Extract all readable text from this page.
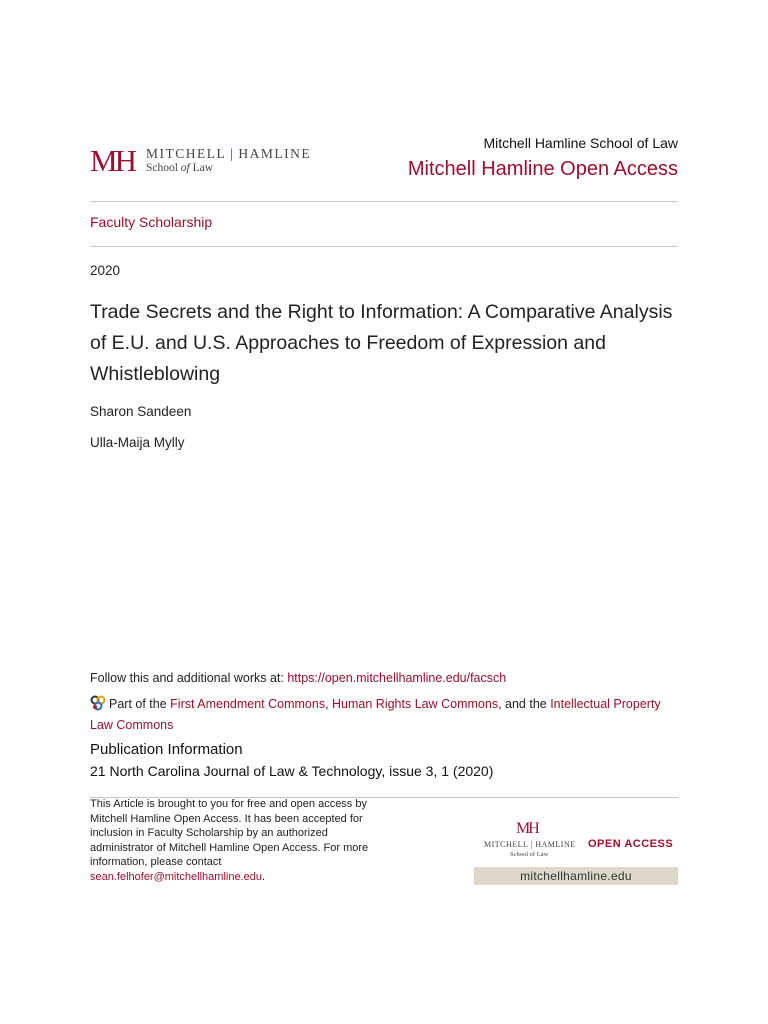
MH MITCHELL | HAMLINE
School of Law
Mitchell Hamline School of Law
Mitchell Hamline Open Access
Faculty Scholarship
2020
Trade Secrets and the Right to Information: A Comparative Analysis of E.U. and U.S. Approaches to Freedom of Expression and Whistleblowing
Sharon Sandeen
Ulla-Maija Mylly
Follow this and additional works at: https://open.mitchellhamline.edu/facsch
Part of the First Amendment Commons, Human Rights Law Commons, and the Intellectual Property Law Commons
Publication Information
21 North Carolina Journal of Law & Technology, issue 3, 1 (2020)
This Article is brought to you for free and open access by Mitchell Hamline Open Access. It has been accepted for inclusion in Faculty Scholarship by an authorized administrator of Mitchell Hamline Open Access. For more information, please contact sean.felhofer@mitchellhamline.edu.
MH
MITCHELL | HAMLINE
School of Law
OPEN ACCESS
mitchellhamline.edu
